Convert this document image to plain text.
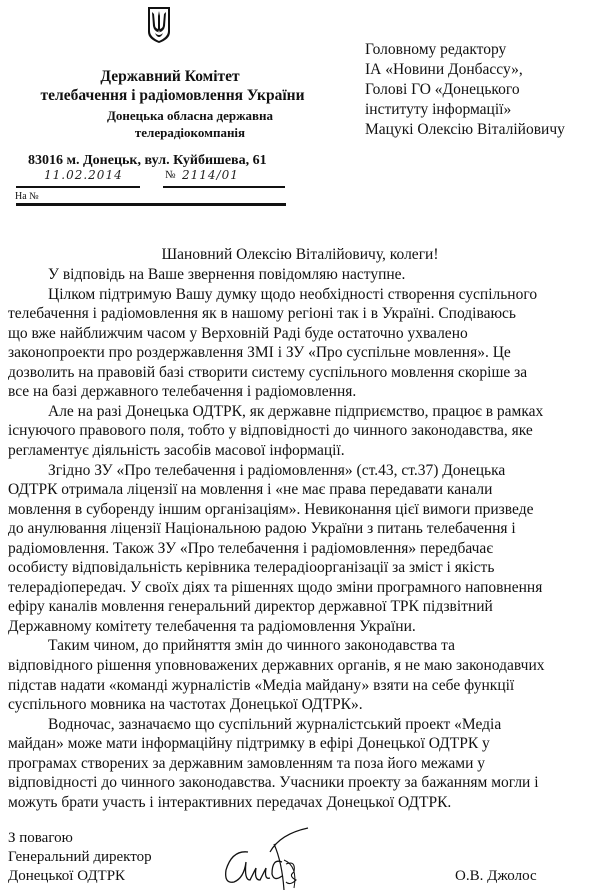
Державний Комітет
телебачення і радіомовлення України
Донецька обласна державна
телерадіокомпанія
83016 м. Донецьк, вул. Куйбишева, 61
11.02.2014	№ 2114/01
На №
Головному редактору
ІА «Новини Донбассу»,
Голові ГО «Донецького
інституту інформації»
Мацукі Олексію Віталійовичу
Шановний Олексію Віталійовичу, колеги!
У відповідь на Ваше звернення повідомляю наступне.
Цілком підтримую Вашу думку щодо необхідності створення суспільного
телебачення і радіомовлення як в нашому регіоні так і в Україні. Сподіваюсь
що вже найближчим часом у Верховній Раді буде остаточно ухвалено
законопроекти про роздержавлення ЗМІ і ЗУ «Про суспільне мовлення». Це
дозволить на правовій базі створити систему суспільного мовлення скоріше за
все на базі державного телебачення і радіомовлення.
Але на разі Донецька ОДТРК, як державне підприємство, працює в рамках
існуючого правового поля, тобто у відповідності до чинного законодавства, яке
регламентує діяльність засобів масової інформації.
Згідно ЗУ «Про телебачення і радіомовлення» (ст.43, ст.37) Донецька
ОДТРК отримала ліцензії на мовлення і «не має права передавати канали
мовлення в суборенду іншим організаціям». Невиконання цієї вимоги призведе
до анулювання ліцензії Національною радою України з питань телебачення і
радіомовлення. Також ЗУ «Про телебачення і радіомовлення» передбачає
особисту відповідальність керівника телерадіоорганізації за зміст і якість
телерадіопередач. У своїх діях та рішеннях щодо зміни програмного наповнення
ефіру каналів мовлення генеральний директор державної ТРК підзвітний
Державному комітету телебачення та радіомовлення України.
Таким чином, до прийняття змін до чинного законодавства та
відповідного рішення уповноважених державних органів, я не маю законодавчих
підстав надати «команді журналістів «Медіа майдану» взяти на себе функції
суспільного мовника на частотах Донецької ОДТРК».
Водночас, зазначаємо що суспільний журналістський проект «Медіа
майдан» може мати інформаційну підтримку в ефірі Донецької ОДТРК у
програмах створених за державним замовленням та поза його межами у
відповідності до чинного законодавства. Учасники проекту за бажанням могли і
можуть брати участь і інтерактивних передачах Донецької ОДТРК.
З повагою
Генеральний директор
Донецької ОДТРК	О.В. Джолос
